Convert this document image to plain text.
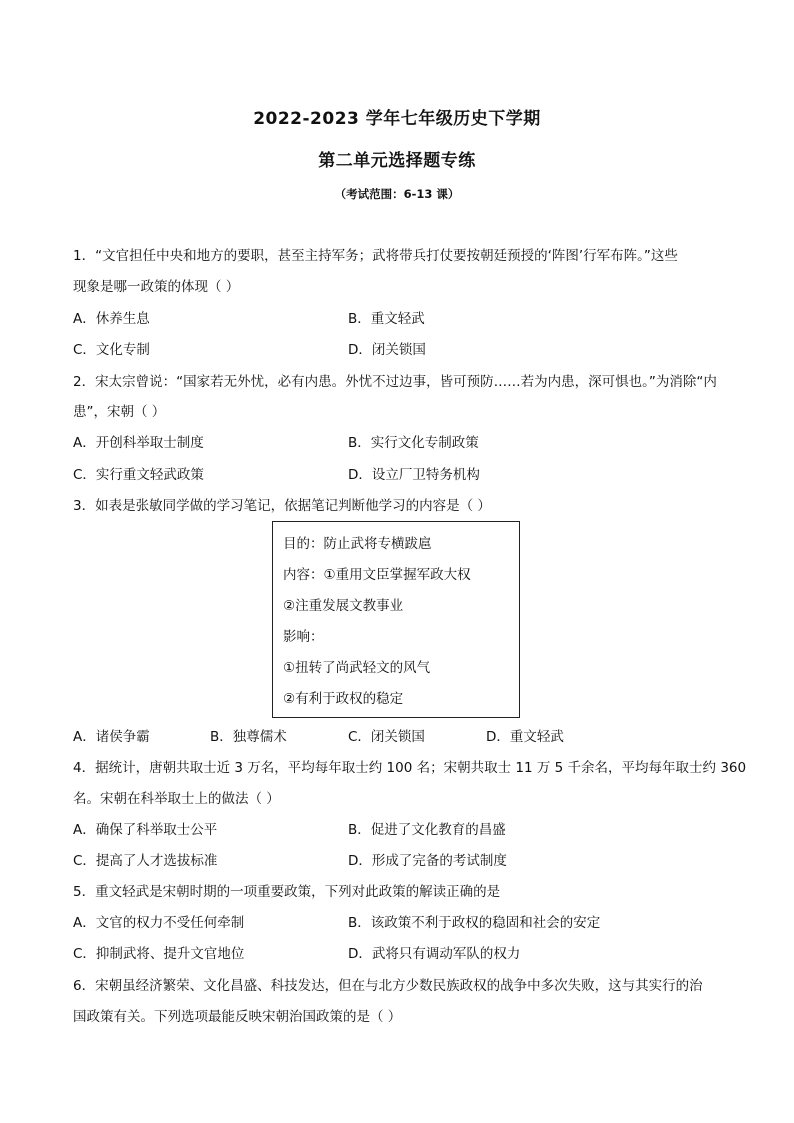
2022-2023 学年七年级历史下学期
第二单元选择题专练
（考试范围：6-13 课）
1．“文官担任中央和地方的要职，甚至主持军务；武将带兵打仗要按朝廷预授的‘阵图’行军布阵。”这些
现象是哪一政策的体现（ ）
A．休养生息	B．重文轻武
C．文化专制	D．闭关锁国
2．宋太宗曾说：“国家若无外忧，必有内患。外忧不过边事，皆可预防……若为内患，深可惧也。”为消除“内
患”，宋朝（ ）
A．开创科举取士制度	B．实行文化专制政策
C．实行重文轻武政策	D．设立厂卫特务机构
3．如表是张敏同学做的学习笔记，依据笔记判断他学习的内容是（ ）
目的：防止武将专横跋扈
内容：①重用文臣掌握军政大权
②注重发展文教事业
影响：
①扭转了尚武轻文的风气
②有利于政权的稳定
A．诸侯争霸	B．独尊儒术	C．闭关锁国	D．重文轻武
4．据统计，唐朝共取士近 3 万名，平均每年取士约 100 名；宋朝共取士 11 万 5 千余名，平均每年取士约 360
名。宋朝在科举取士上的做法（ ）
A．确保了科举取士公平	B．促进了文化教育的昌盛
C．提高了人才选拔标准	D．形成了完备的考试制度
5．重文轻武是宋朝时期的一项重要政策，下列对此政策的解读正确的是
A．文官的权力不受任何牵制	B．该政策不利于政权的稳固和社会的安定
C．抑制武将、提升文官地位	D．武将只有调动军队的权力
6．宋朝虽经济繁荣、文化昌盛、科技发达，但在与北方少数民族政权的战争中多次失败，这与其实行的治
国政策有关。下列选项最能反映宋朝治国政策的是（ ）
